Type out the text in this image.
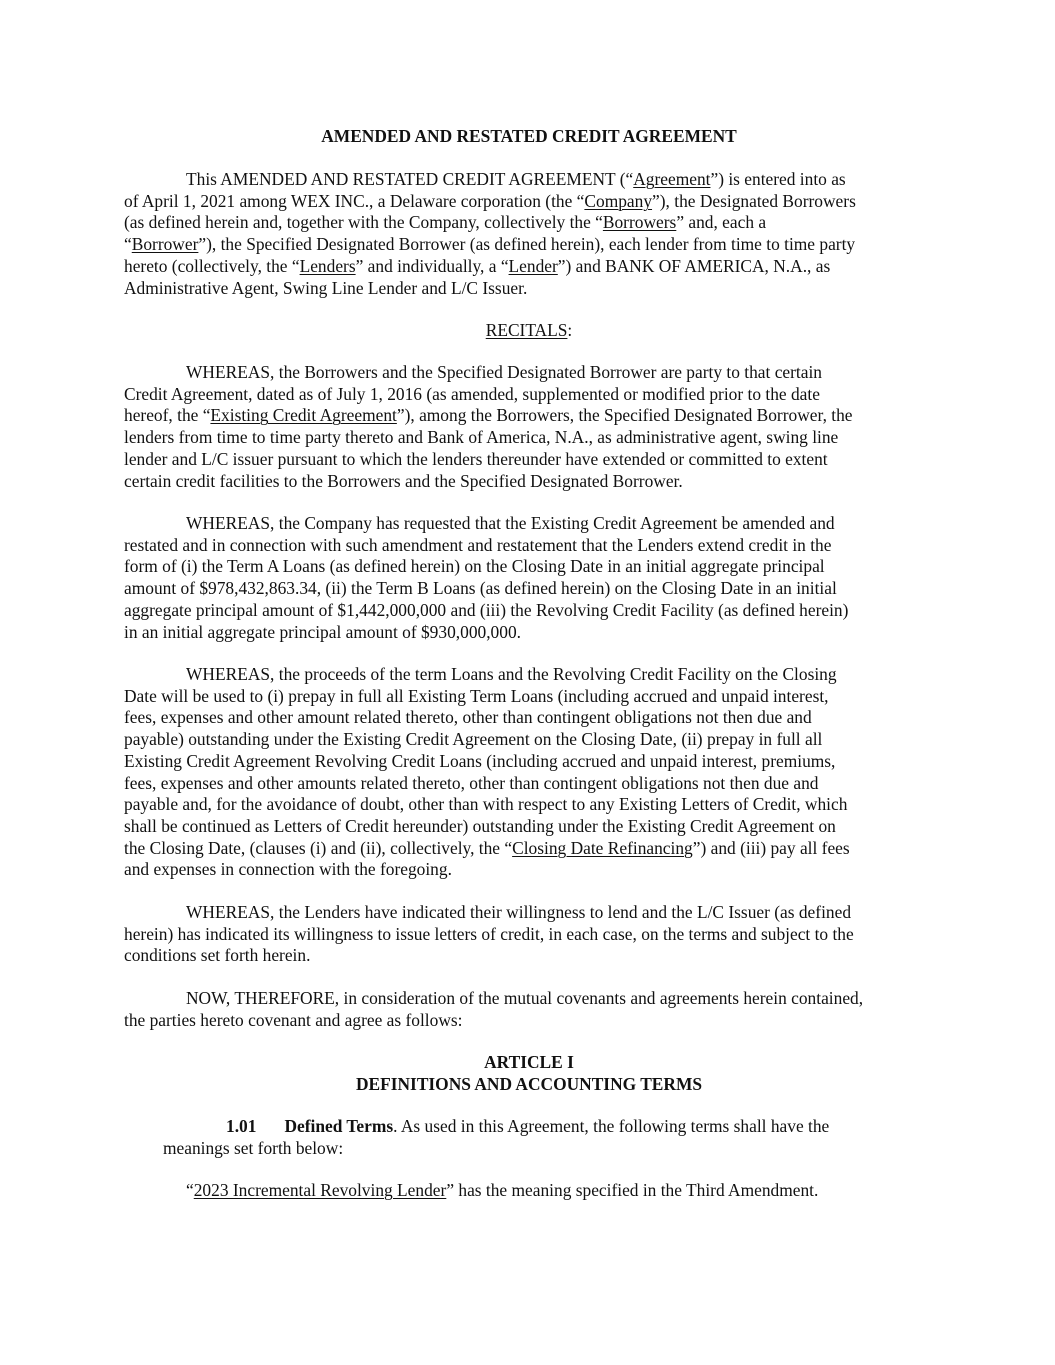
AMENDED AND RESTATED CREDIT AGREEMENT

This AMENDED AND RESTATED CREDIT AGREEMENT (“Agreement”) is entered into as
of April 1, 2021 among WEX INC., a Delaware corporation (the “Company”), the Designated Borrowers
(as defined herein and, together with the Company, collectively the “Borrowers” and, each a
“Borrower”), the Specified Designated Borrower (as defined herein), each lender from time to time party
hereto (collectively, the “Lenders” and individually, a “Lender”) and BANK OF AMERICA, N.A., as
Administrative Agent, Swing Line Lender and L/C Issuer.

RECITALS:

WHEREAS, the Borrowers and the Specified Designated Borrower are party to that certain
Credit Agreement, dated as of July 1, 2016 (as amended, supplemented or modified prior to the date
hereof, the “Existing Credit Agreement”), among the Borrowers, the Specified Designated Borrower, the
lenders from time to time party thereto and Bank of America, N.A., as administrative agent, swing line
lender and L/C issuer pursuant to which the lenders thereunder have extended or committed to extent
certain credit facilities to the Borrowers and the Specified Designated Borrower.
WHEREAS, the Company has requested that the Existing Credit Agreement be amended and
restated and in connection with such amendment and restatement that the Lenders extend credit in the
form of (i) the Term A Loans (as defined herein) on the Closing Date in an initial aggregate principal
amount of $978,432,863.34, (ii) the Term B Loans (as defined herein) on the Closing Date in an initial
aggregate principal amount of $1,442,000,000 and (iii) the Revolving Credit Facility (as defined herein)
in an initial aggregate principal amount of $930,000,000.
WHEREAS, the proceeds of the term Loans and the Revolving Credit Facility on the Closing
Date will be used to (i) prepay in full all Existing Term Loans (including accrued and unpaid interest,
fees, expenses and other amount related thereto, other than contingent obligations not then due and
payable) outstanding under the Existing Credit Agreement on the Closing Date, (ii) prepay in full all
Existing Credit Agreement Revolving Credit Loans (including accrued and unpaid interest, premiums,
fees, expenses and other amounts related thereto, other than contingent obligations not then due and
payable and, for the avoidance of doubt, other than with respect to any Existing Letters of Credit, which
shall be continued as Letters of Credit hereunder) outstanding under the Existing Credit Agreement on
the Closing Date, (clauses (i) and (ii), collectively, the “Closing Date Refinancing”) and (iii) pay all fees
and expenses in connection with the foregoing.
WHEREAS, the Lenders have indicated their willingness to lend and the L/C Issuer (as defined
herein) has indicated its willingness to issue letters of credit, in each case, on the terms and subject to the
conditions set forth herein.
NOW, THEREFORE, in consideration of the mutual covenants and agreements herein contained,
the parties hereto covenant and agree as follows:
ARTICLE I
DEFINITIONS AND ACCOUNTING TERMS
1.01 Defined Terms. As used in this Agreement, the following terms shall have the
meanings set forth below:
“2023 Incremental Revolving Lender” has the meaning specified in the Third Amendment.
